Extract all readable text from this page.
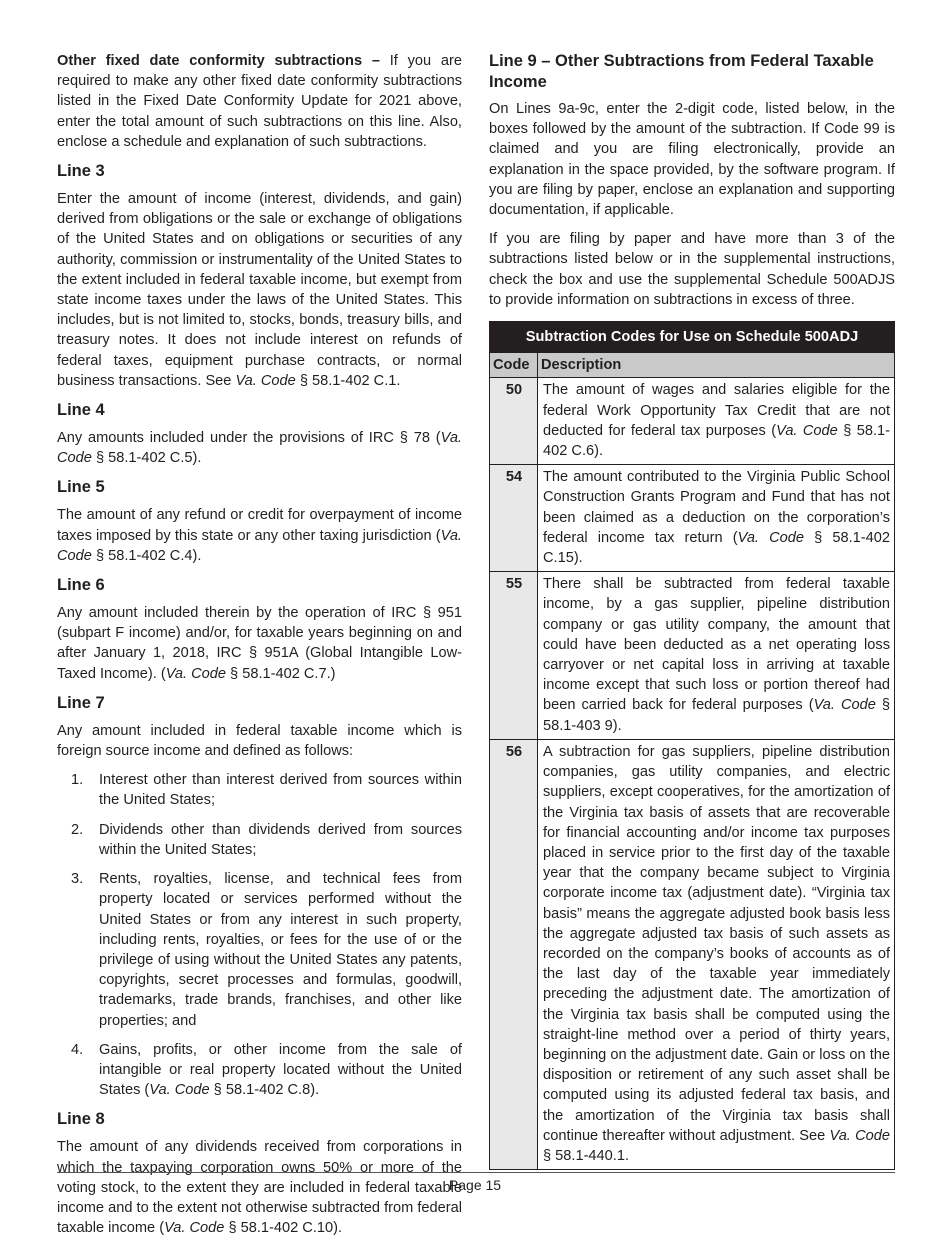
Other fixed date conformity subtractions – If you are required to make any other fixed date conformity subtractions listed in the Fixed Date Conformity Update for 2021 above, enter the total amount of such subtractions on this line. Also, enclose a schedule and explanation of such subtractions.

Line 3

Enter the amount of income (interest, dividends, and gain) derived from obligations or the sale or exchange of obligations of the United States and on obligations or securities of any authority, commission or instrumentality of the United States to the extent included in federal taxable income, but exempt from state income taxes under the laws of the United States. This includes, but is not limited to, stocks, bonds, treasury bills, and treasury notes. It does not include interest on refunds of federal taxes, equipment purchase contracts, or normal business transactions. See Va. Code § 58.1-402 C.1.

Line 4

Any amounts included under the provisions of IRC § 78 (Va. Code § 58.1-402 C.5).

Line 5

The amount of any refund or credit for overpayment of income taxes imposed by this state or any other taxing jurisdiction (Va. Code § 58.1-402 C.4).

Line 6

Any amount included therein by the operation of IRC § 951 (subpart F income) and/or, for taxable years beginning on and after January 1, 2018, IRC § 951A (Global Intangible Low-Taxed Income). (Va. Code § 58.1-402 C.7.)

Line 7

Any amount included in federal taxable income which is foreign source income and defined as follows:

1.	Interest other than interest derived from sources within the United States;
2.	Dividends other than dividends derived from sources within the United States;
3.	Rents, royalties, license, and technical fees from property located or services performed without the United States or from any interest in such property, including rents, royalties, or fees for the use of or the privilege of using without the United States any patents, copyrights, secret processes and formulas, goodwill, trademarks, trade brands, franchises, and other like properties; and
4.	Gains, profits, or other income from the sale of intangible or real property located without the United States (Va. Code § 58.1-402 C.8).
Line 8

The amount of any dividends received from corporations in which the taxpaying corporation owns 50% or more of the voting stock, to the extent they are included in federal taxable income and to the extent not otherwise subtracted from federal taxable income (Va. Code § 58.1-402 C.10).

Line 9 – Other Subtractions from Federal Taxable Income

On Lines 9a-9c, enter the 2-digit code, listed below, in the boxes followed by the amount of the subtraction. If Code 99 is claimed and you are filing electronically, provide an explanation in the space provided, by the software program. If you are filing by paper, enclose an explanation and supporting documentation, if applicable.

If you are filing by paper and have more than 3 of the subtractions listed below or in the supplemental instructions, check the box and use the supplemental Schedule 500ADJS to provide information on subtractions in excess of three.

Subtraction Codes for Use on Schedule 500ADJ	
Code	Description
50	The amount of wages and salaries eligible for the federal Work Opportunity Tax Credit that are not deducted for federal tax purposes (Va. Code § 58.1-402 C.6).
54	The amount contributed to the Virginia Public School Construction Grants Program and Fund that has not been claimed as a deduction on the corporation’s federal income tax return (Va. Code § 58.1-402 C.15).
55	There shall be subtracted from federal taxable income, by a gas supplier, pipeline distribution company or gas utility company, the amount that could have been deducted as a net operating loss carryover or net capital loss in arriving at taxable income except that such loss or portion thereof had been carried back for federal purposes (Va. Code § 58.1-403 9).
56	A subtraction for gas suppliers, pipeline distribution companies, gas utility companies, and electric suppliers, except cooperatives, for the amortization of the Virginia tax basis of assets that are recoverable for financial accounting and/or income tax purposes placed in service prior to the first day of the taxable year that the company became subject to Virginia corporate income tax (adjustment date). “Virginia tax basis” means the aggregate adjusted book basis less the aggregate adjusted tax basis of such assets as recorded on the company’s books of accounts as of the last day of the taxable year immediately preceding the adjustment date. The amortization of the Virginia tax basis shall be computed using the straight-line method over a period of thirty years, beginning on the adjustment date. Gain or loss on the disposition or retirement of any such asset shall be computed using its adjusted federal tax basis, and the amortization of the Virginia tax basis shall continue thereafter without adjustment. See Va. Code § 58.1-440.1.
Page 15
